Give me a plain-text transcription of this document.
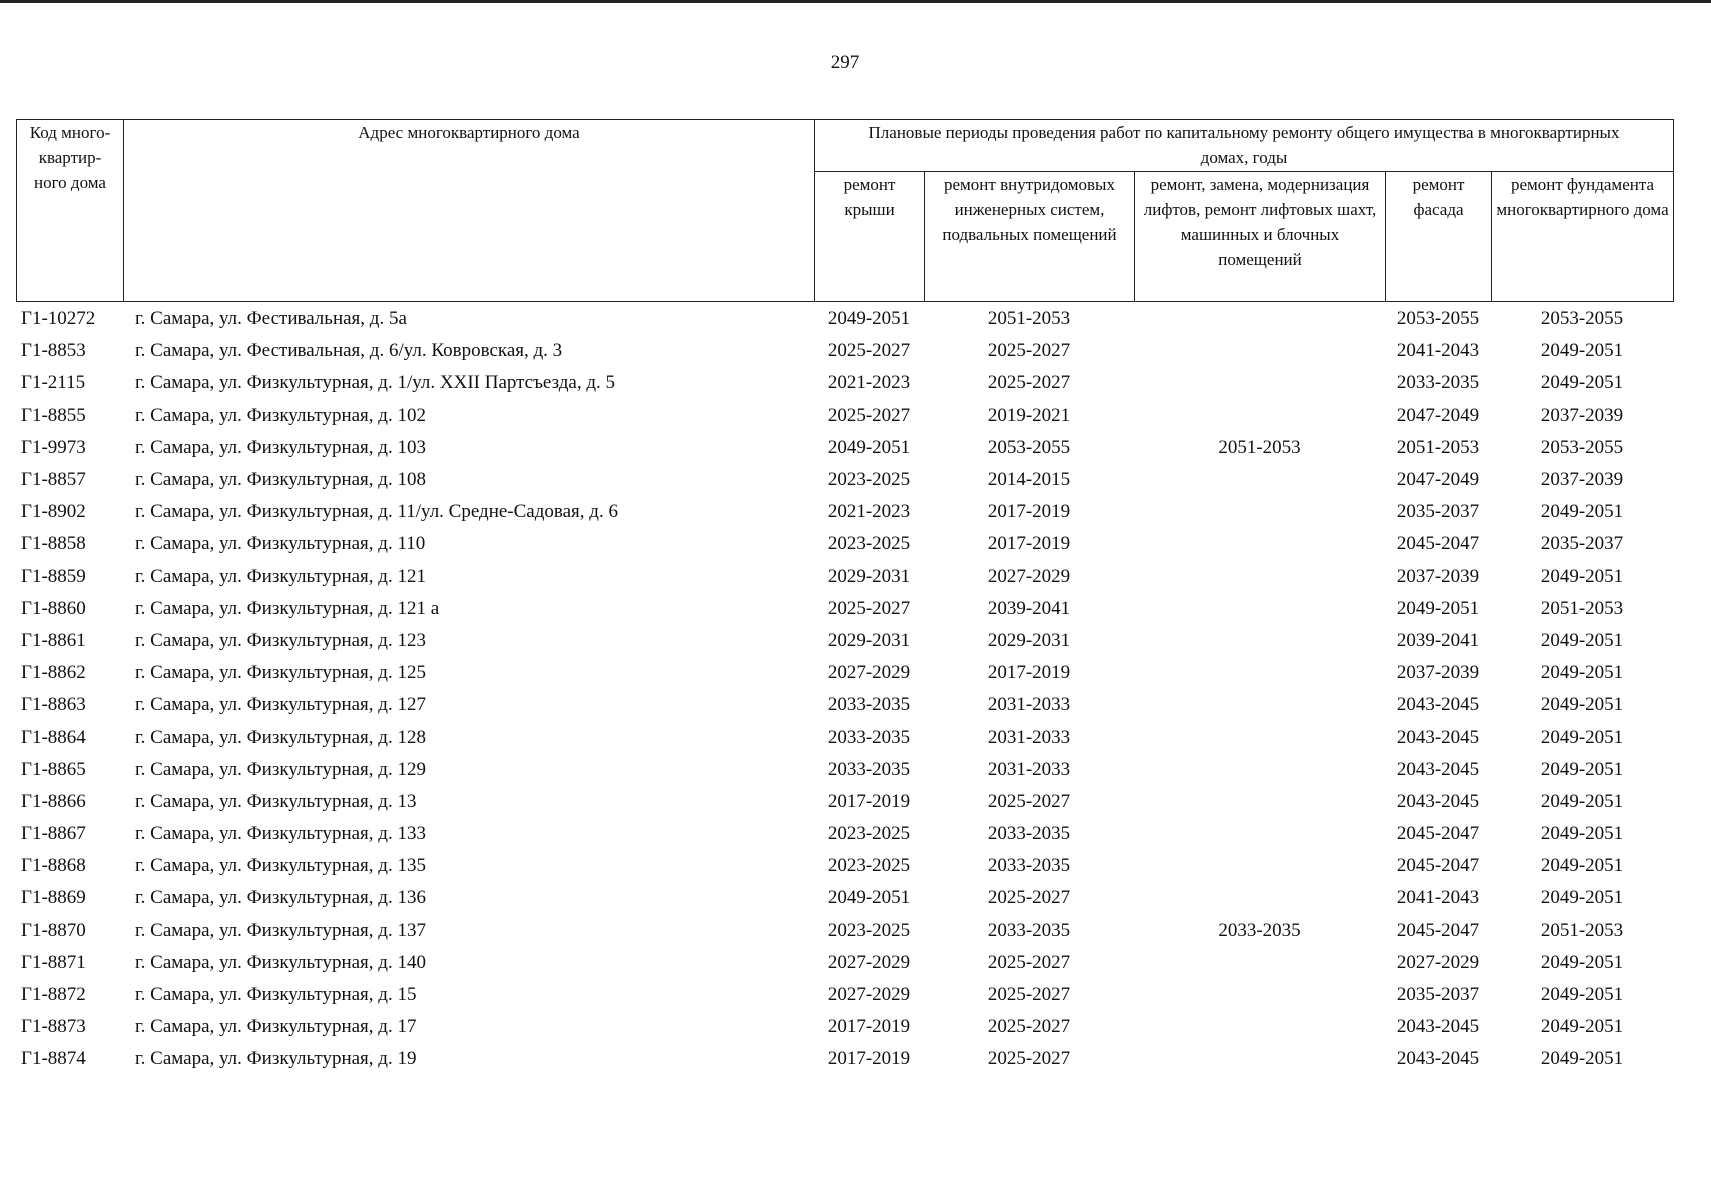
297
Код много-квартир-ного дома	Адрес многоквартирного дома	Плановые периоды проведения работ по капитальному ремонту общего имущества в многоквартирных домах, годы				
		ремонт крыши	ремонт внутридомовых инженерных систем, подвальных помещений	ремонт, замена, модернизация лифтов, ремонт лифтовых шахт, машинных и блочных помещений	ремонт фасада	ремонт фундамента многоквартирного дома
Г1-10272	г. Самара, ул. Фестивальная, д. 5а	2049-2051	2051-2053		2053-2055	2053-2055
Г1-8853	г. Самара, ул. Фестивальная, д. 6/ул. Ковровская, д. 3	2025-2027	2025-2027		2041-2043	2049-2051
Г1-2115	г. Самара, ул. Физкультурная, д. 1/ул. XXII Партсъезда, д. 5	2021-2023	2025-2027		2033-2035	2049-2051
Г1-8855	г. Самара, ул. Физкультурная, д. 102	2025-2027	2019-2021		2047-2049	2037-2039
Г1-9973	г. Самара, ул. Физкультурная, д. 103	2049-2051	2053-2055	2051-2053	2051-2053	2053-2055
Г1-8857	г. Самара, ул. Физкультурная, д. 108	2023-2025	2014-2015		2047-2049	2037-2039
Г1-8902	г. Самара, ул. Физкультурная, д. 11/ул. Средне-Садовая, д. 6	2021-2023	2017-2019		2035-2037	2049-2051
Г1-8858	г. Самара, ул. Физкультурная, д. 110	2023-2025	2017-2019		2045-2047	2035-2037
Г1-8859	г. Самара, ул. Физкультурная, д. 121	2029-2031	2027-2029		2037-2039	2049-2051
Г1-8860	г. Самара, ул. Физкультурная, д. 121 а	2025-2027	2039-2041		2049-2051	2051-2053
Г1-8861	г. Самара, ул. Физкультурная, д. 123	2029-2031	2029-2031		2039-2041	2049-2051
Г1-8862	г. Самара, ул. Физкультурная, д. 125	2027-2029	2017-2019		2037-2039	2049-2051
Г1-8863	г. Самара, ул. Физкультурная, д. 127	2033-2035	2031-2033		2043-2045	2049-2051
Г1-8864	г. Самара, ул. Физкультурная, д. 128	2033-2035	2031-2033		2043-2045	2049-2051
Г1-8865	г. Самара, ул. Физкультурная, д. 129	2033-2035	2031-2033		2043-2045	2049-2051
Г1-8866	г. Самара, ул. Физкультурная, д. 13	2017-2019	2025-2027		2043-2045	2049-2051
Г1-8867	г. Самара, ул. Физкультурная, д. 133	2023-2025	2033-2035		2045-2047	2049-2051
Г1-8868	г. Самара, ул. Физкультурная, д. 135	2023-2025	2033-2035		2045-2047	2049-2051
Г1-8869	г. Самара, ул. Физкультурная, д. 136	2049-2051	2025-2027		2041-2043	2049-2051
Г1-8870	г. Самара, ул. Физкультурная, д. 137	2023-2025	2033-2035	2033-2035	2045-2047	2051-2053
Г1-8871	г. Самара, ул. Физкультурная, д. 140	2027-2029	2025-2027		2027-2029	2049-2051
Г1-8872	г. Самара, ул. Физкультурная, д. 15	2027-2029	2025-2027		2035-2037	2049-2051
Г1-8873	г. Самара, ул. Физкультурная, д. 17	2017-2019	2025-2027		2043-2045	2049-2051
Г1-8874	г. Самара, ул. Физкультурная, д. 19	2017-2019	2025-2027		2043-2045	2049-2051
